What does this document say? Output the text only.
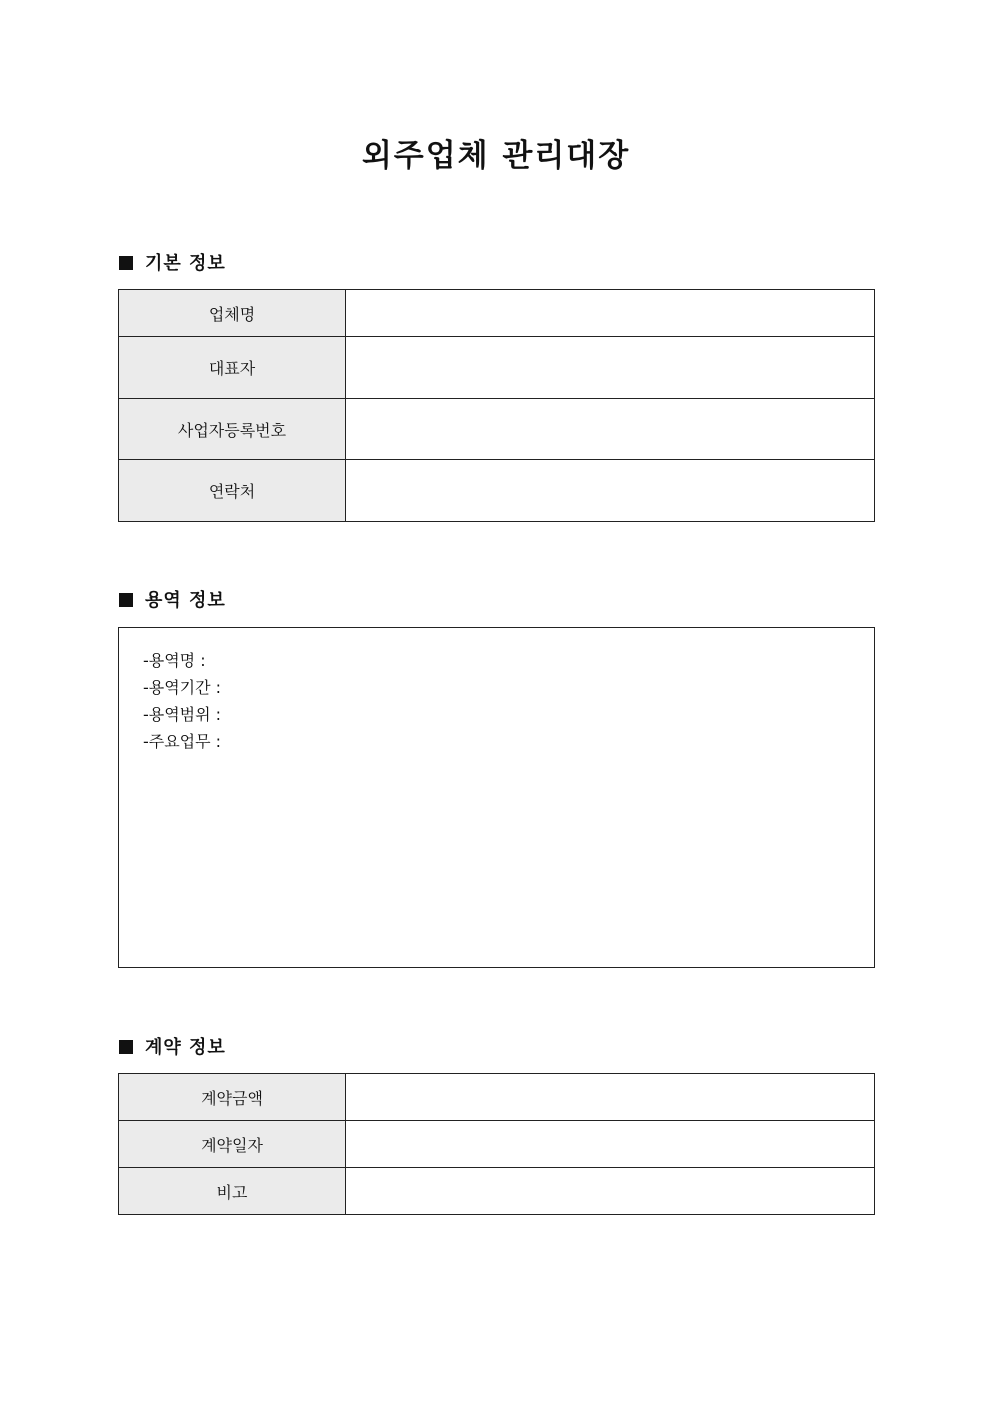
외주업체 관리대장
기본 정보
업체명	
대표자	
사업자등록번호	
연락처	
용역 정보
-용역명 :
-용역기간 :
-용역범위 :
-주요업무 :
계약 정보
계약금액	
계약일자	
비고	
